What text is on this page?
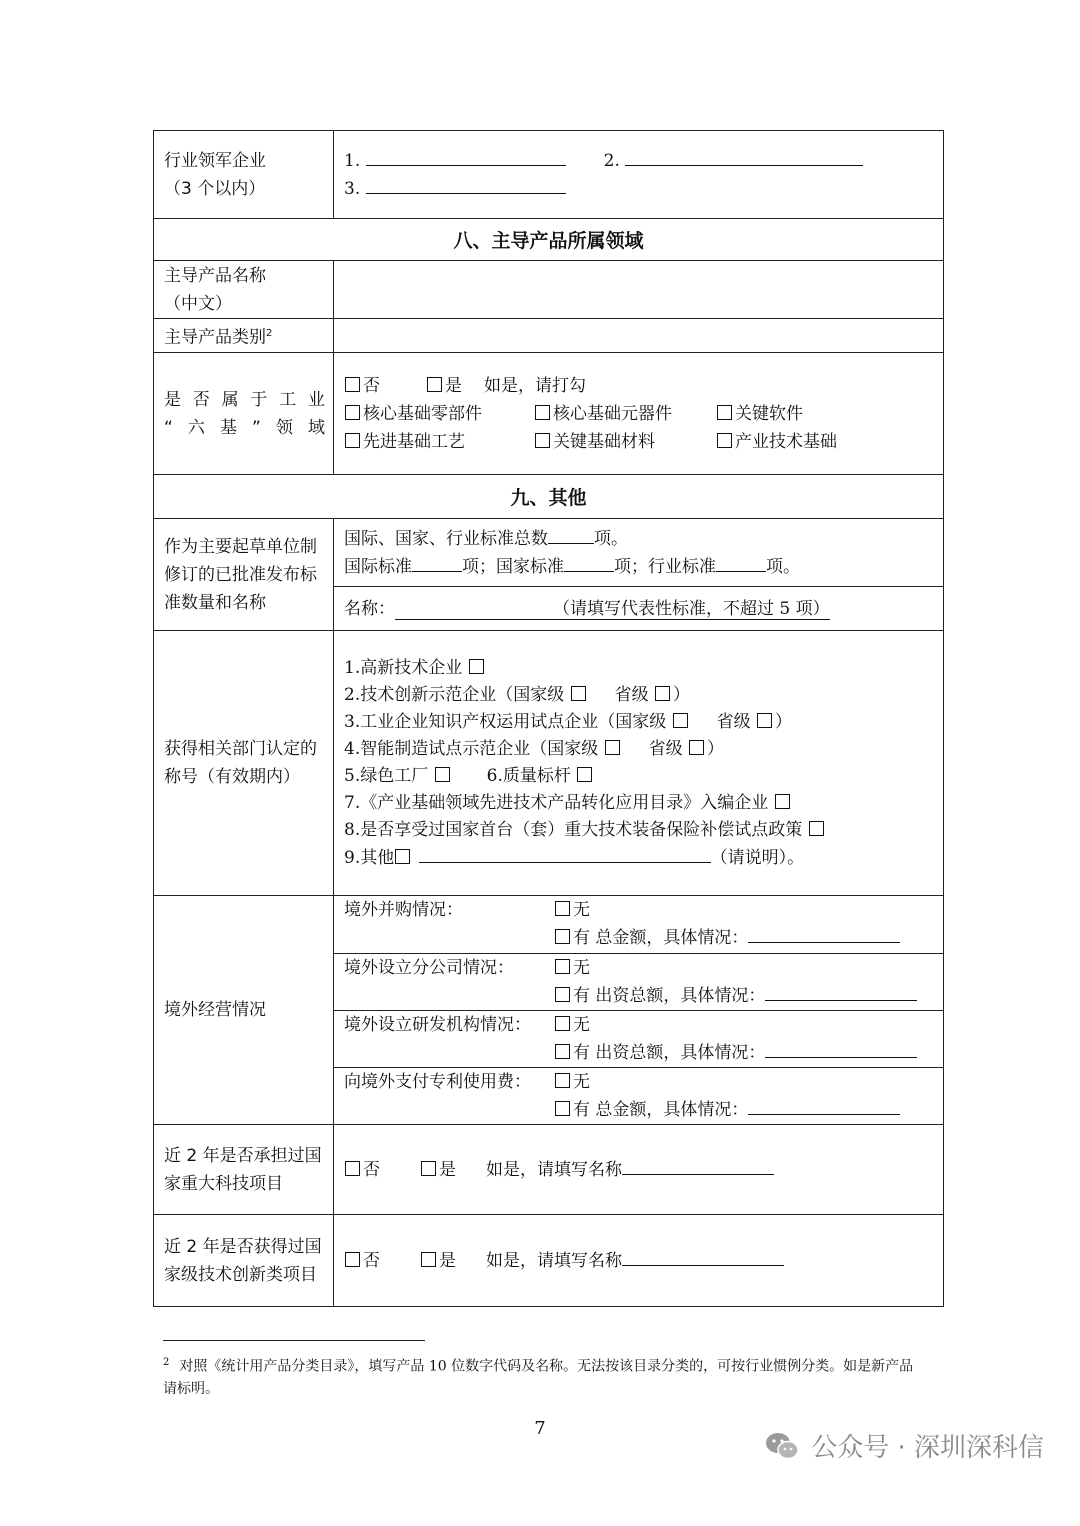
行业领军企业
（3 个以内）	
1.	2.
3.

八、主导产品所属领域
主导产品名称
（中文）	
主导产品类别$^2$	
是 否 属 于 工 业
“六基”领域	
否	是 如是，请打勾
核心基础零部件	核心基础元器件	关键软件
先进基础工艺	关键基础材料	产业技术基础

九、其他
作为主要起草单位制修订的已批准发布标准数量和名称	
国际、国家、行业标准总数	项。
国际标准	项；国家标准	项；行业标准	项。

名称：	（请填写代表性标准，不超过 5 项）

获得相关部门认定的称号（有效期内）	
1.高新技术企业
2.技术创新示范企业（国家级	省级 ）
3.工业企业知识产权运用试点企业（国家级	省级 ）
4.智能制造试点示范企业（国家级	省级 ）
5.绿色工厂	6.质量标杆
7.《产业基础领域先进技术产品转化应用目录》入编企业
8.是否享受过国家首台（套）重大技术装备保险补偿试点政策
9.其他	（请说明）。

境外经营情况	
境外并购情况：	无
有 总金额，具体情况：

境外设立分公司情况：	无
有 出资总额，具体情况：

境外设立研发机构情况： 无
有 出资总额，具体情况：

向境外支付专利使用费： 无
有 总金额，具体情况：

近 2 年是否承担过国家重大科技项目	
否	是 如是，请填写名称

近 2 年是否获得过国家级技术创新类项目	
否	是 如是，请填写名称
$^2$ 对照《统计用产品分类目录》，填写产品 10 位数字代码及名称。无法按该目录分类的，可按行业惯例分类。如是新产品请标明。
7
公众号 · 深圳深科信
